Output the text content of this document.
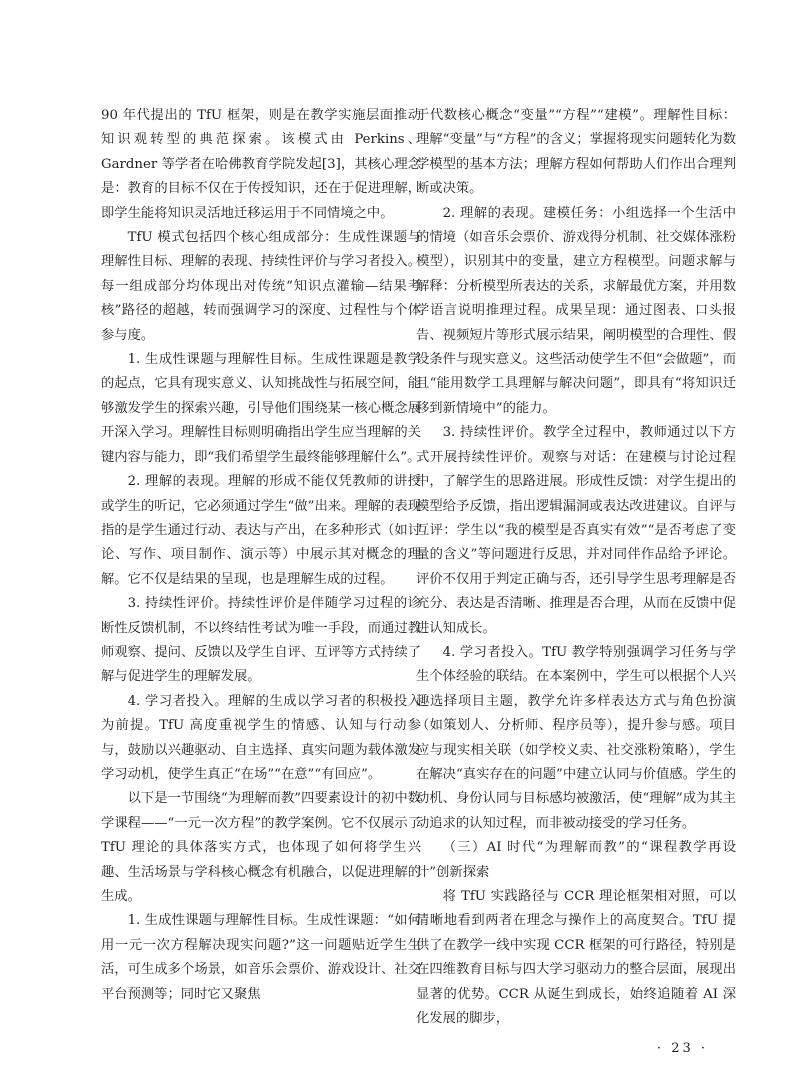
90 年代提出的 TfU 框架，则是在教学实施层面推动知识观转型的典范探索。该模式由 Perkins、Gardner 等学者在哈佛教育学院发起[3]，其核心理念是：教育的目标不仅在于传授知识，还在于促进理解，即学生能将知识灵活地迁移运用于不同情境之中。

TfU 模式包括四个核心组成部分：生成性课题与理解性目标、理解的表现、持续性评价与学习者投入。每一组成部分均体现出对传统“知识点灌输—结果考核”路径的超越，转而强调学习的深度、过程性与个体参与度。

1. 生成性课题与理解性目标。生成性课题是教学的起点，它具有现实意义、认知挑战性与拓展空间，能够激发学生的探索兴趣，引导他们围绕某一核心概念展开深入学习。理解性目标则明确指出学生应当理解的关键内容与能力，即“我们希望学生最终能够理解什么”。

2. 理解的表现。理解的形成不能仅凭教师的讲授或学生的听记，它必须通过学生“做”出来。理解的表现指的是学生通过行动、表达与产出，在多种形式（如讨论、写作、项目制作、演示等）中展示其对概念的理解。它不仅是结果的呈现，也是理解生成的过程。

3. 持续性评价。持续性评价是伴随学习过程的诊断性反馈机制，不以终结性考试为唯一手段，而通过教师观察、提问、反馈以及学生自评、互评等方式持续了解与促进学生的理解发展。

4. 学习者投入。理解的生成以学习者的积极投入为前提。TfU 高度重视学生的情感、认知与行动参与，鼓励以兴趣驱动、自主选择、真实问题为载体激发学习动机，使学生真正“在场”“在意”“有回应”。

以下是一节围绕“为理解而教”四要素设计的初中数学课程——“一元一次方程”的教学案例。它不仅展示了 TfU 理论的具体落实方式，也体现了如何将学生兴趣、生活场景与学科核心概念有机融合，以促进理解的生成。

1. 生成性课题与理解性目标。生成性课题：“如何用一元一次方程解决现实问题?”这一问题贴近学生生活，可生成多个场景，如音乐会票价、游戏设计、社交平台预测等；同时它又聚焦

于代数核心概念“变量”“方程”“建模”。理解性目标：理解“变量”与“方程”的含义；掌握将现实问题转化为数学模型的基本方法；理解方程如何帮助人们作出合理判断或决策。

2. 理解的表现。建模任务：小组选择一个生活中的情境（如音乐会票价、游戏得分机制、社交媒体涨粉模型），识别其中的变量，建立方程模型。问题求解与解释：分析模型所表达的关系，求解最优方案，并用数学语言说明推理过程。成果呈现：通过图表、口头报告、视频短片等形式展示结果，阐明模型的合理性、假设条件与现实意义。这些活动使学生不但“会做题”，而且“能用数学工具理解与解决问题”，即具有“将知识迁移到新情境中”的能力。

3. 持续性评价。教学全过程中，教师通过以下方式开展持续性评价。观察与对话：在建模与讨论过程中，了解学生的思路进展。形成性反馈：对学生提出的模型给予反馈，指出逻辑漏洞或表达改进建议。自评与互评：学生以“我的模型是否真实有效”“是否考虑了变量的含义”等问题进行反思，并对同伴作品给予评论。评价不仅用于判定正确与否，还引导学生思考理解是否充分、表达是否清晰、推理是否合理，从而在反馈中促进认知成长。

4. 学习者投入。TfU 教学特别强调学习任务与学生个体经验的联结。在本案例中，学生可以根据个人兴趣选择项目主题，教学允许多样表达方式与角色扮演（如策划人、分析师、程序员等），提升参与感。项目应与现实相关联（如学校义卖、社交涨粉策略），学生在解决“真实存在的问题”中建立认同与价值感。学生的动机、身份认同与目标感均被激活，使“理解”成为其主动追求的认知过程，而非被动接受的学习任务。

（三）AI 时代“为理解而教”的“课程教学再设计”创新探索

将 TfU 实践路径与 CCR 理论框架相对照，可以清晰地看到两者在理念与操作上的高度契合。TfU 提供了在教学一线中实现 CCR 框架的可行路径，特别是在四维教育目标与四大学习驱动力的整合层面，展现出显著的优势。CCR 从诞生到成长，始终追随着 AI 深化发展的脚步，

· 23 ·
